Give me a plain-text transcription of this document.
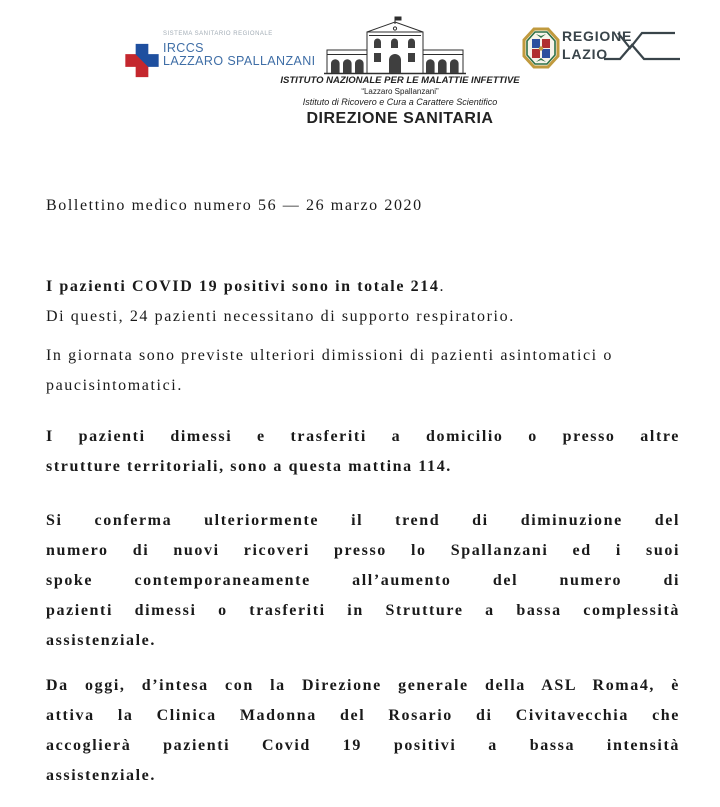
SISTEMA SANITARIO REGIONALE
IRCCS
LAZZARO SPALLANZANI
ISTITUTO NAZIONALE PER LE MALATTIE INFETTIVE
“Lazzaro Spallanzani”
Istituto di Ricovero e Cura a Carattere Scientifico
DIREZIONE SANITARIA
REGIONE
LAZIO
Bollettino medico numero 56 — 26 marzo 2020
I pazienti COVID 19 positivi sono in totale 214.
Di questi, 24 pazienti necessitano di supporto respiratorio.
In giornata sono previste ulteriori dimissioni di pazienti asintomatici o
paucisintomatici.
I pazienti dimessi e trasferiti a domicilio o presso altre
strutture territoriali, sono a questa mattina 114.
Si conferma ulteriormente il trend di diminuzione del
numero di nuovi ricoveri presso lo Spallanzani ed i suoi
spoke contemporaneamente all’aumento del numero di
pazienti dimessi o trasferiti in Strutture a bassa complessità
assistenziale.
Da oggi, d’intesa con la Direzione generale della ASL Roma4, è
attiva la Clinica Madonna del Rosario di Civitavecchia che
accoglierà pazienti Covid 19 positivi a bassa intensità
assistenziale.
